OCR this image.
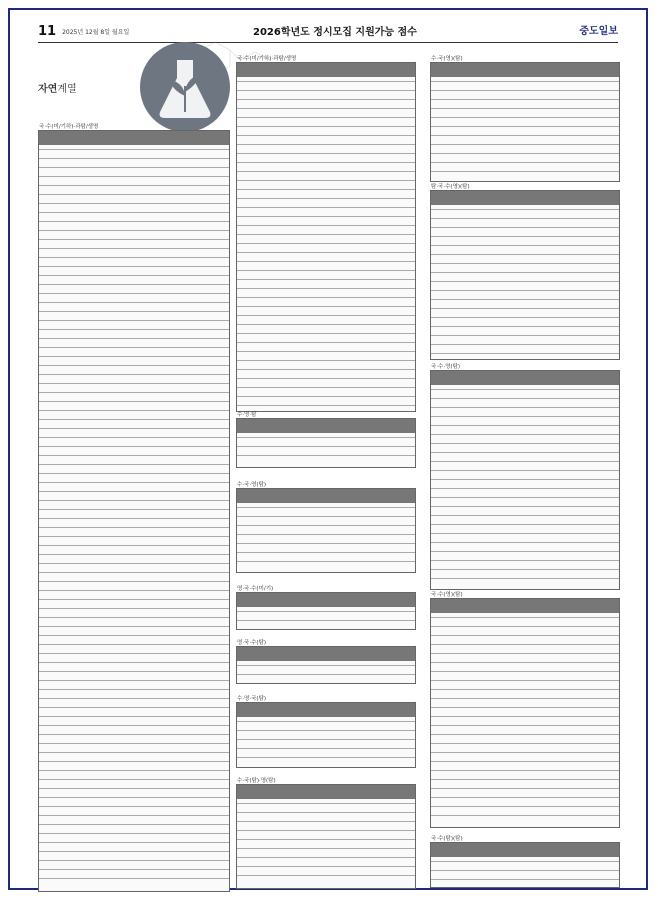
11 2025년 12월 8일 월요일	2026학년도 정시모집 지원가능 점수	중도일보
자연계열
국·수(미/기하)·과탐/생명
국·수(미/기하)·과탐/생명
수·영·탐
수·국·영(탐)
영·국·수(미/기)
영·국·수(탐)
수·영·국(탐)
수·국(탐)·영(탐)
수·국(영)(탐)
탐·국·수(영)(탐)
국·수·영(탐)
국·수(영)(탐)
국·수(탐)(탐)
